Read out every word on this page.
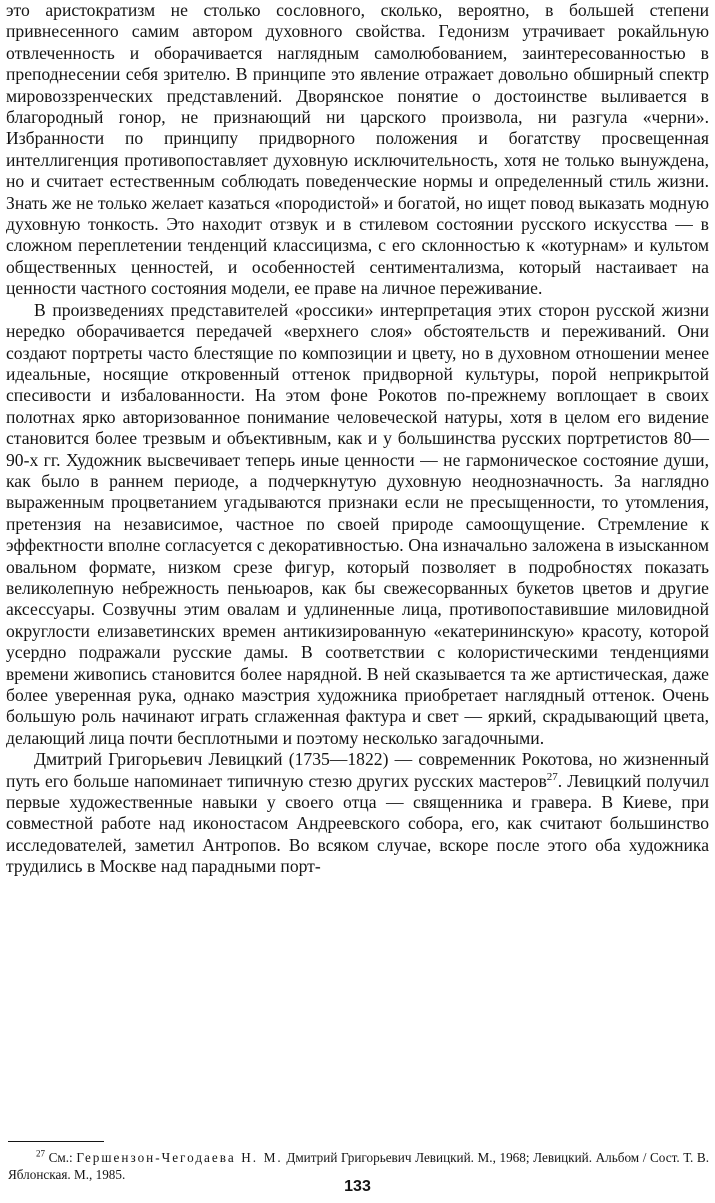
это аристократизм не столько сословного, сколько, вероятно, в большей степени привнесенного самим автором духовного свойства. Гедонизм утрачивает рокайльную отвлеченность и оборачивается наглядным самолюбованием, заинтересованностью в преподнесении себя зрителю. В принципе это явление отражает довольно обширный спектр мировоззренческих представлений. Дворянское понятие о достоинстве выливается в благородный гонор, не признающий ни царского произвола, ни разгула «черни». Избранности по принципу придворного положения и богатству просвещенная интеллигенция противопоставляет духовную исключительность, хотя не только вынуждена, но и считает естественным соблюдать поведенческие нормы и определенный стиль жизни. Знать же не только желает казаться «породистой» и богатой, но ищет повод выказать модную духовную тонкость. Это находит отзвук и в стилевом состоянии русского искусства — в сложном переплетении тенденций классицизма, с его склонностью к «котурнам» и культом общественных ценностей, и особенностей сентиментализма, который настаивает на ценности частного состояния модели, ее праве на личное переживание.

В произведениях представителей «россики» интерпретация этих сторон русской жизни нередко оборачивается передачей «верхнего слоя» обстоятельств и переживаний. Они создают портреты часто блестящие по композиции и цвету, но в духовном отношении менее идеальные, носящие откровенный оттенок придворной культуры, порой неприкрытой спесивости и избалованности. На этом фоне Рокотов по-прежнему воплощает в своих полотнах ярко авторизованное понимание человеческой натуры, хотя в целом его видение становится более трезвым и объективным, как и у большинства русских портретистов 80—90-х гг. Художник высвечивает теперь иные ценности — не гармоническое состояние души, как было в раннем периоде, а подчеркнутую духовную неоднозначность. За наглядно выраженным процветанием угадываются признаки если не пресыщенности, то утомления, претензия на независимое, частное по своей природе самоощущение. Стремление к эффектности вполне согласуется с декоративностью. Она изначально заложена в изысканном овальном формате, низком срезе фигур, который позволяет в подробностях показать великолепную небрежность пеньюаров, как бы свежесорванных букетов цветов и другие аксессуары. Созвучны этим овалам и удлиненные лица, противопоставившие миловидной округлости елизаветинских времен антикизированную «екатерининскую» красоту, которой усердно подражали русские дамы. В соответствии с колористическими тенденциями времени живопись становится более нарядной. В ней сказывается та же артистическая, даже более уверенная рука, однако маэстрия художника приобретает наглядный оттенок. Очень большую роль начинают играть сглаженная фактура и свет — яркий, скрадывающий цвета, делающий лица почти бесплотными и поэтому несколько загадочными.

Дмитрий Григорьевич Левицкий (1735—1822) — современник Рокотова, но жизненный путь его больше напоминает типичную стезю других русских мастеров$^{27}$. Левицкий получил первые художественные навыки у своего отца — священника и гравера. В Киеве, при совместной работе над иконостасом Андреевского собора, его, как считают большинство исследователей, заметил Антропов. Во всяком случае, вскоре после этого оба художника трудились в Москве над парадными порт-

$^{27}$ См.: Гершензон-Чегодаева Н. М. Дмитрий Григорьевич Левицкий. М., 1968; Левицкий. Альбом / Сост. Т. В. Яблонская. М., 1985.
133
